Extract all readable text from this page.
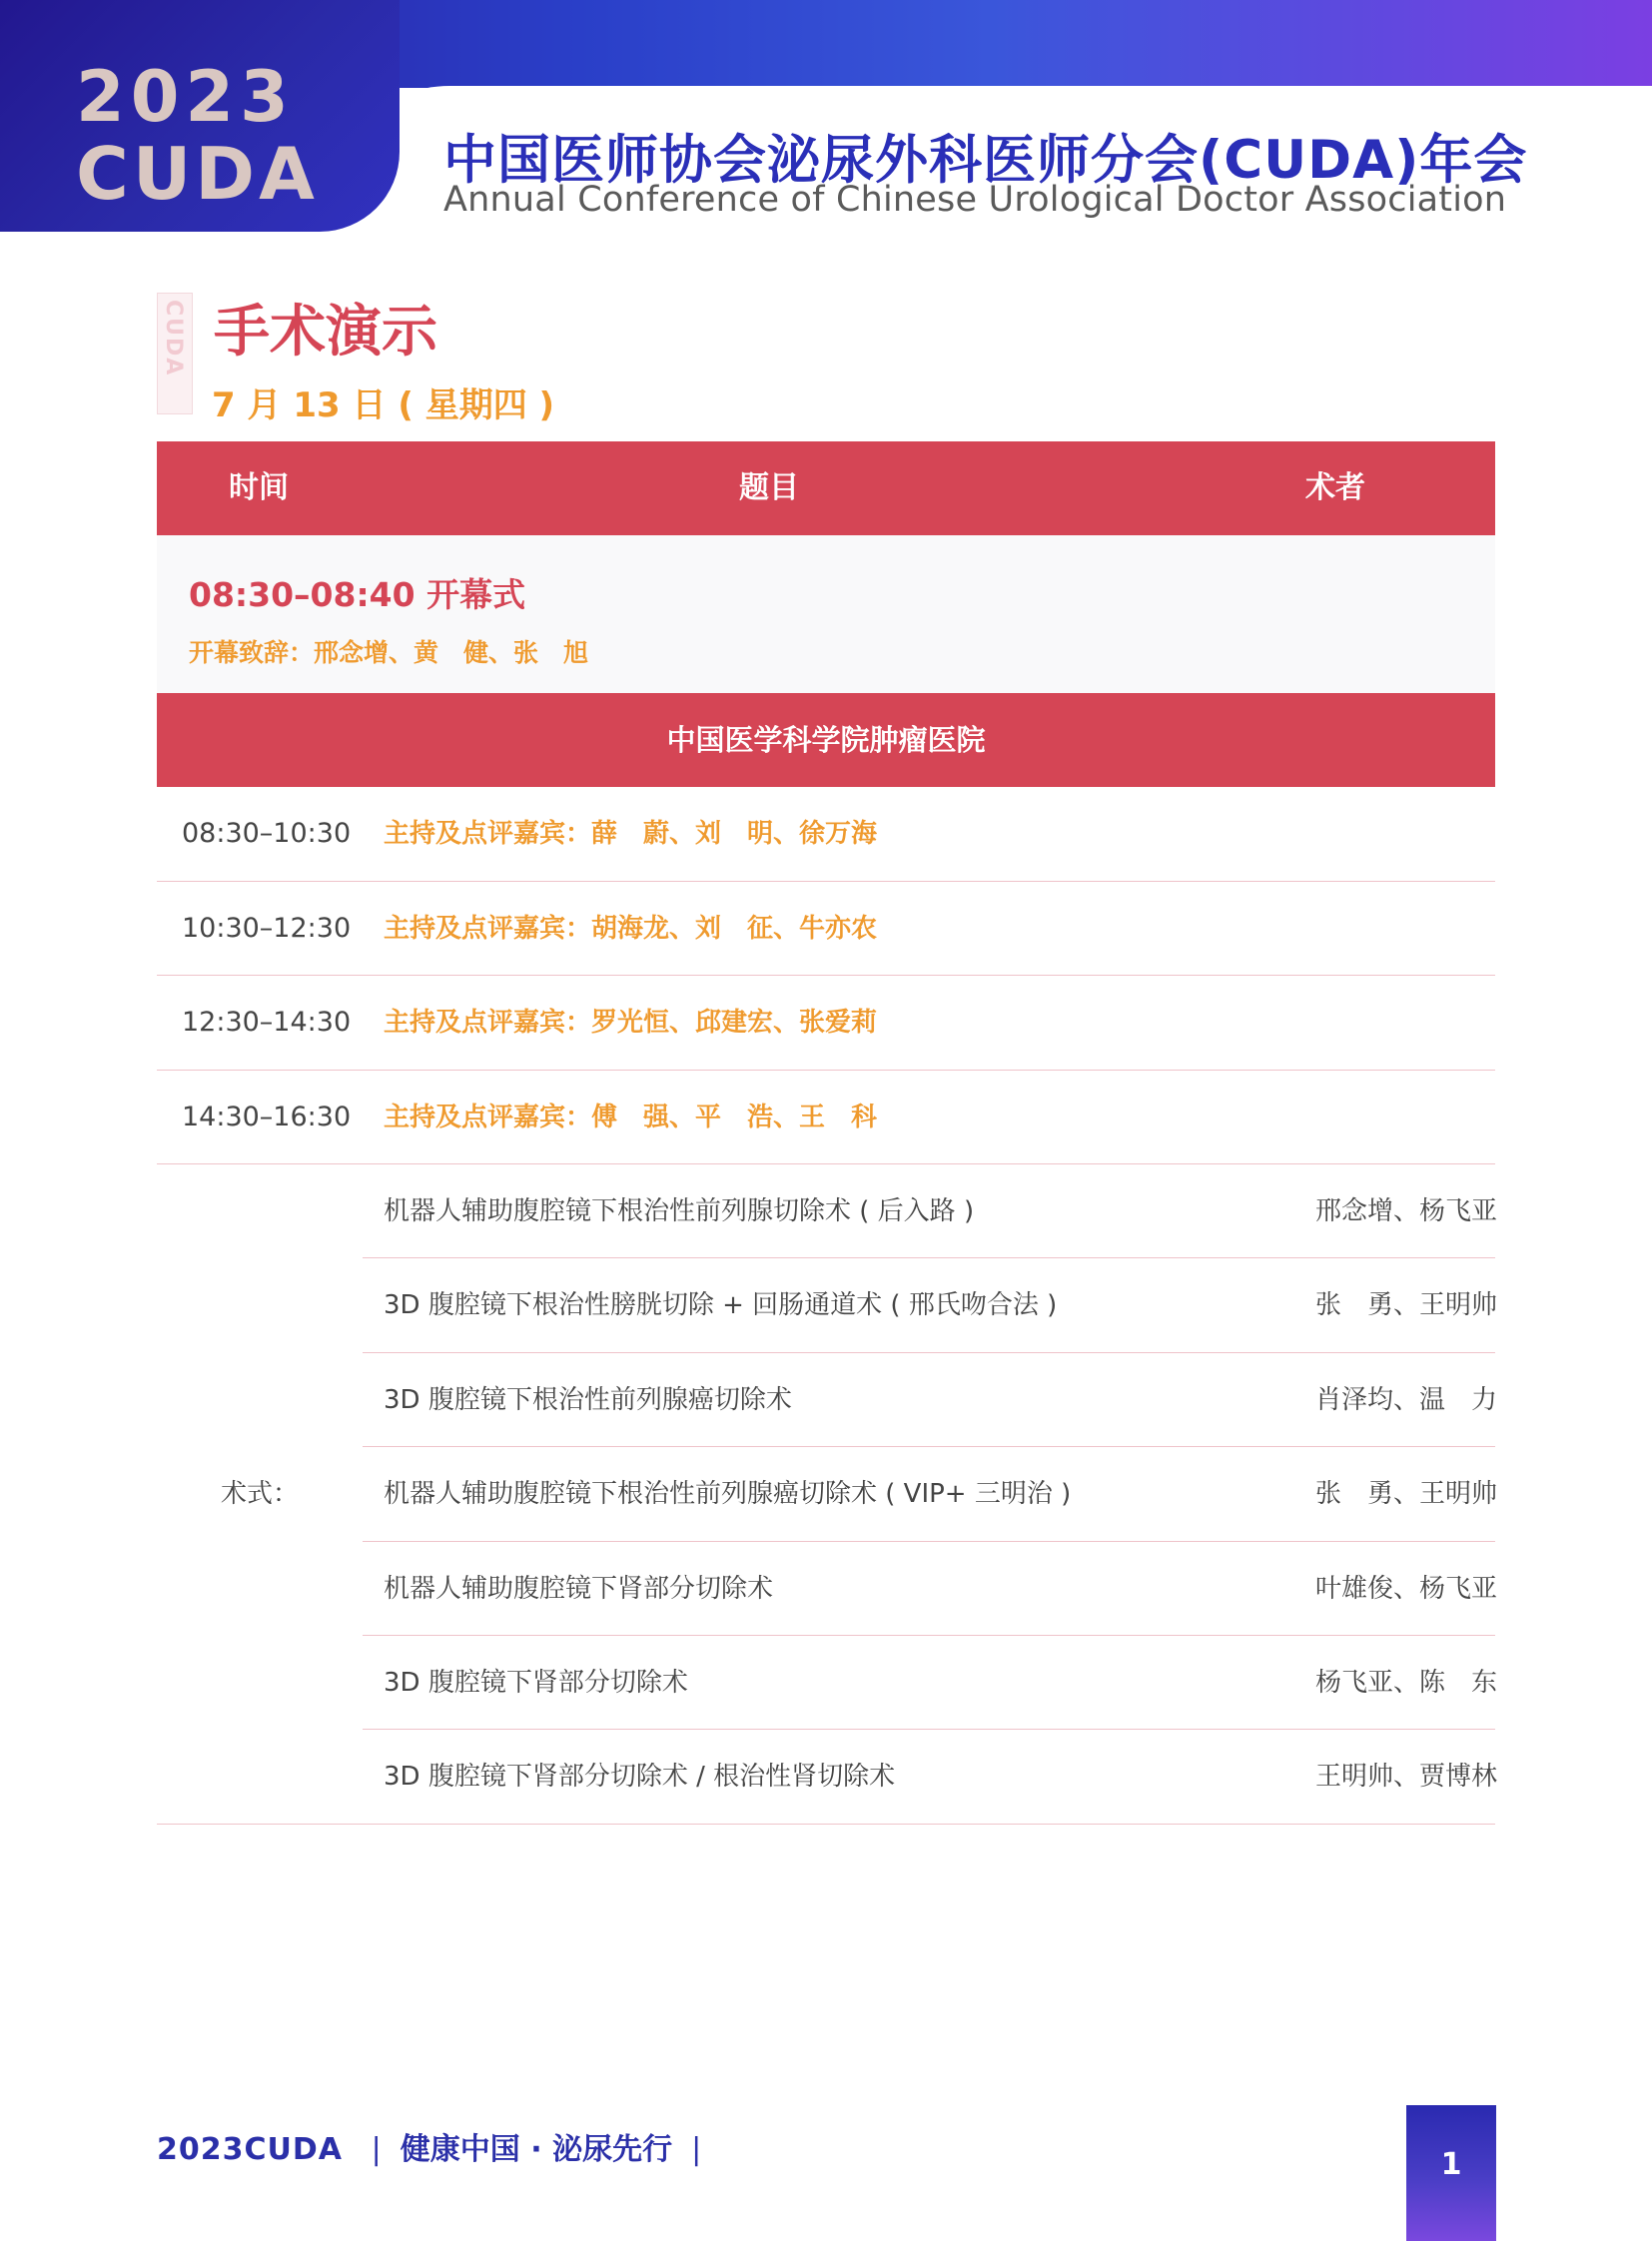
2023
CUDA 中国医师协会泌尿外科医师分会(CUDA)年会
Annual Conference of Chinese Urological Doctor Association
CUDA 手术演示
7 月 13 日 ( 星期四 )
时间	题目	术者
08:30–08:40 开幕式
开幕致辞：邢念增、黄　健、张　旭
中国医学科学院肿瘤医院
08:30–10:30 主持及点评嘉宾：薛　蔚、刘　明、徐万海
10:30–12:30 主持及点评嘉宾：胡海龙、刘　征、牛亦农
12:30–14:30 主持及点评嘉宾：罗光恒、邱建宏、张爱莉
14:30–16:30 主持及点评嘉宾：傅　强、平　浩、王　科
术式：
机器人辅助腹腔镜下根治性前列腺切除术 ( 后入路 )	邢念增、杨飞亚
3D 腹腔镜下根治性膀胱切除 + 回肠通道术 ( 邢氏吻合法 )	张　勇、王明帅
3D 腹腔镜下根治性前列腺癌切除术	肖泽均、温　力
机器人辅助腹腔镜下根治性前列腺癌切除术 ( VIP+ 三明治 )	张　勇、王明帅
机器人辅助腹腔镜下肾部分切除术	叶雄俊、杨飞亚
3D 腹腔镜下肾部分切除术	杨飞亚、陈　东
3D 腹腔镜下肾部分切除术 / 根治性肾切除术	王明帅、贾博林
2023CUDA | 健康中国 · 泌尿先行 |	1
